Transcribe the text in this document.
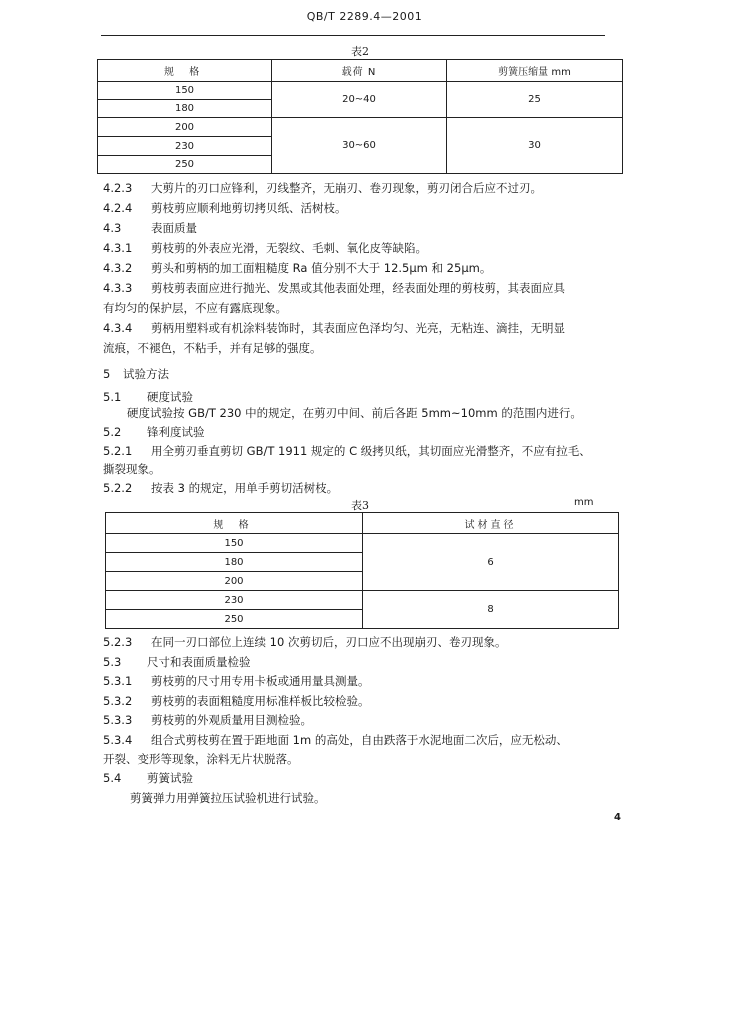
QB/T 2289.4—2001
表2
规 格	载荷 N	剪簧压缩量 mm
150	20~40	25
180		
200	30~60	30
230		
250		
4.2.3 大剪片的刃口应锋利，刃线整齐，无崩刃、卷刃现象，剪刃闭合后应不过刃。
4.2.4 剪枝剪应顺利地剪切拷贝纸、活树枝。
4.3	表面质量
4.3.1 剪枝剪的外表应光滑，无裂纹、毛刺、氧化皮等缺陷。
4.3.2 剪头和剪柄的加工面粗糙度 Ra 值分别不大于 12.5μm 和 25μm。
4.3.3 剪枝剪表面应进行抛光、发黑或其他表面处理，经表面处理的剪枝剪，其表面应具
有均匀的保护层，不应有露底现象。
4.3.4 剪柄用塑料或有机涂料装饰时，其表面应色泽均匀、光亮，无粘连、滴挂，无明显
流痕，不褪色，不粘手，并有足够的强度。
5 试验方法
5.1 硬度试验
硬度试验按 GB/T 230 中的规定，在剪刃中间、前后各距 5mm~10mm 的范围内进行。
5.2 锋利度试验
5.2.1 用全剪刃垂直剪切 GB/T 1911 规定的 C 级拷贝纸，其切面应光滑整齐，不应有拉毛、
撕裂现象。
5.2.2 按表 3 的规定，用单手剪切活树枝。
表3	mm
规 格	试材直径
150	6
180	
200	
230	8
250	
5.2.3 在同一刃口部位上连续 10 次剪切后，刃口应不出现崩刃、卷刃现象。
5.3 尺寸和表面质量检验
5.3.1 剪枝剪的尺寸用专用卡板或通用量具测量。
5.3.2 剪枝剪的表面粗糙度用标准样板比较检验。
5.3.3 剪枝剪的外观质量用目测检验。
5.3.4 组合式剪枝剪在置于距地面 1m 的高处，自由跌落于水泥地面二次后，应无松动、
开裂、变形等现象，涂料无片状脱落。
5.4 剪簧试验
剪簧弹力用弹簧拉压试验机进行试验。
4
